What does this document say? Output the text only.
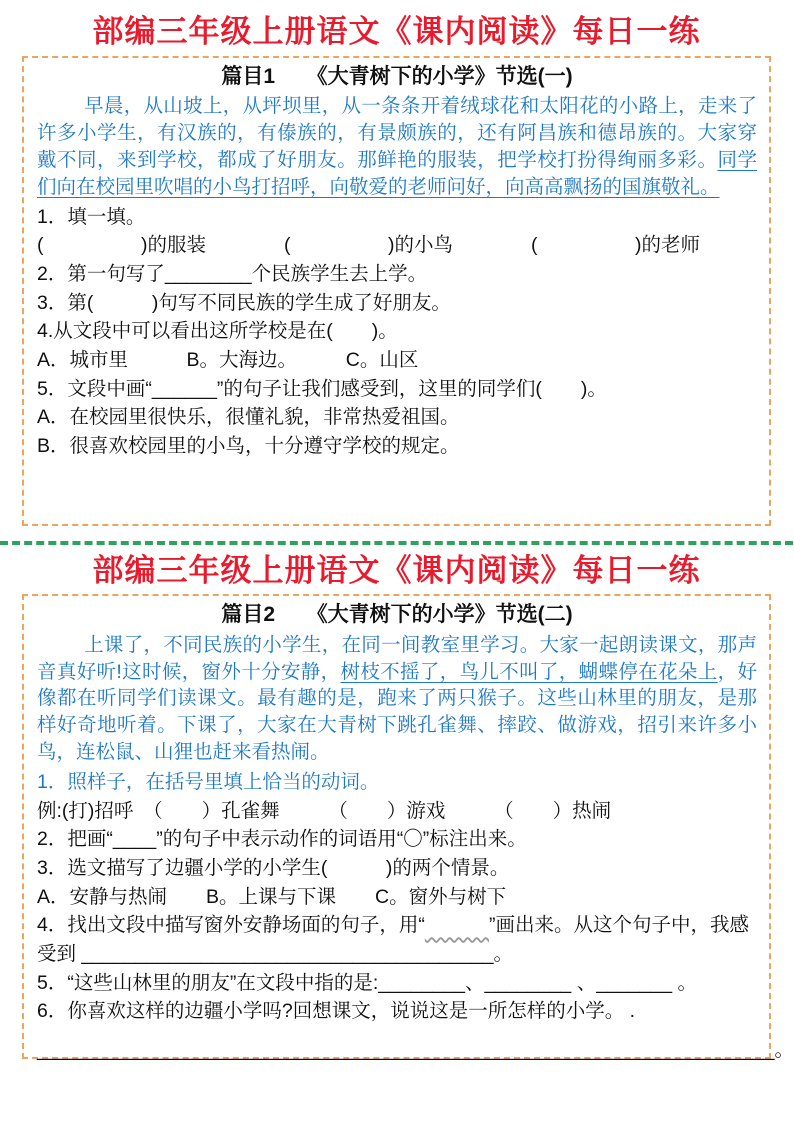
部编三年级上册语文《课内阅读》每日一练
篇目1　　《大青树下的小学》节选(一)
早晨，从山坡上，从坪坝里，从一条条开着绒球花和太阳花的小路上，走来了许多小学生，有汉族的，有傣族的，有景颇族的，还有阿昌族和德昂族的。大家穿戴不同，来到学校，都成了好朋友。那鲜艳的服装，把学校打扮得绚丽多彩。同学们向在校园里吹唱的小鸟打招呼，向敬爱的老师问好，向高高飘扬的国旗敬礼。
1．填一填。
(　　　　　)的服装　　　　(　　　　　)的小鸟　　　　(　　　　　)的老师
2．第一句写了________个民族学生去上学。
3．第(　　　)句写不同民族的学生成了好朋友。
4.从文段中可以看出这所学校是在(　　)。
A．城市里　　　B。大海边。　　　C。山区
5．文段中画“______”的句子让我们感受到，这里的同学们(　　)。
A．在校园里很快乐，很懂礼貌，非常热爱祖国。
B．很喜欢校园里的小鸟，十分遵守学校的规定。
部编三年级上册语文《课内阅读》每日一练
篇目2　　《大青树下的小学》节选(二)
上课了，不同民族的小学生，在同一间教室里学习。大家一起朗读课文，那声音真好听!这时候，窗外十分安静，树枝不摇了，鸟儿不叫了，蝴蝶停在花朵上，好像都在听同学们读课文。最有趣的是，跑来了两只猴子。这些山林里的朋友，是那样好奇地听着。下课了，大家在大青树下跳孔雀舞、摔跤、做游戏，招引来许多小鸟，连松鼠、山狸也赶来看热闹。
1．照样子，在括号里填上恰当的动词。
例:(打)招呼　（　　）孔雀舞　　　（　　）游戏　　　（　　）热闹
2．把画“____”的句子中表示动作的词语用“〇”标注出来。
3．选文描写了边疆小学的小学生(　　　)的两个情景。
A．安静与热闹　　B。上课与下课　　C。窗外与树下
4．找出文段中描写窗外安静场面的句子，用“	”画出来。从这个句子中，我感受到 ______________________________________。
5．“这些山林里的朋友”在文段中指的是:________、________ 、_______ 。
6．你喜欢这样的边疆小学吗?回想课文，说说这是一所怎样的小学。 .
____________________________________________________________________。
